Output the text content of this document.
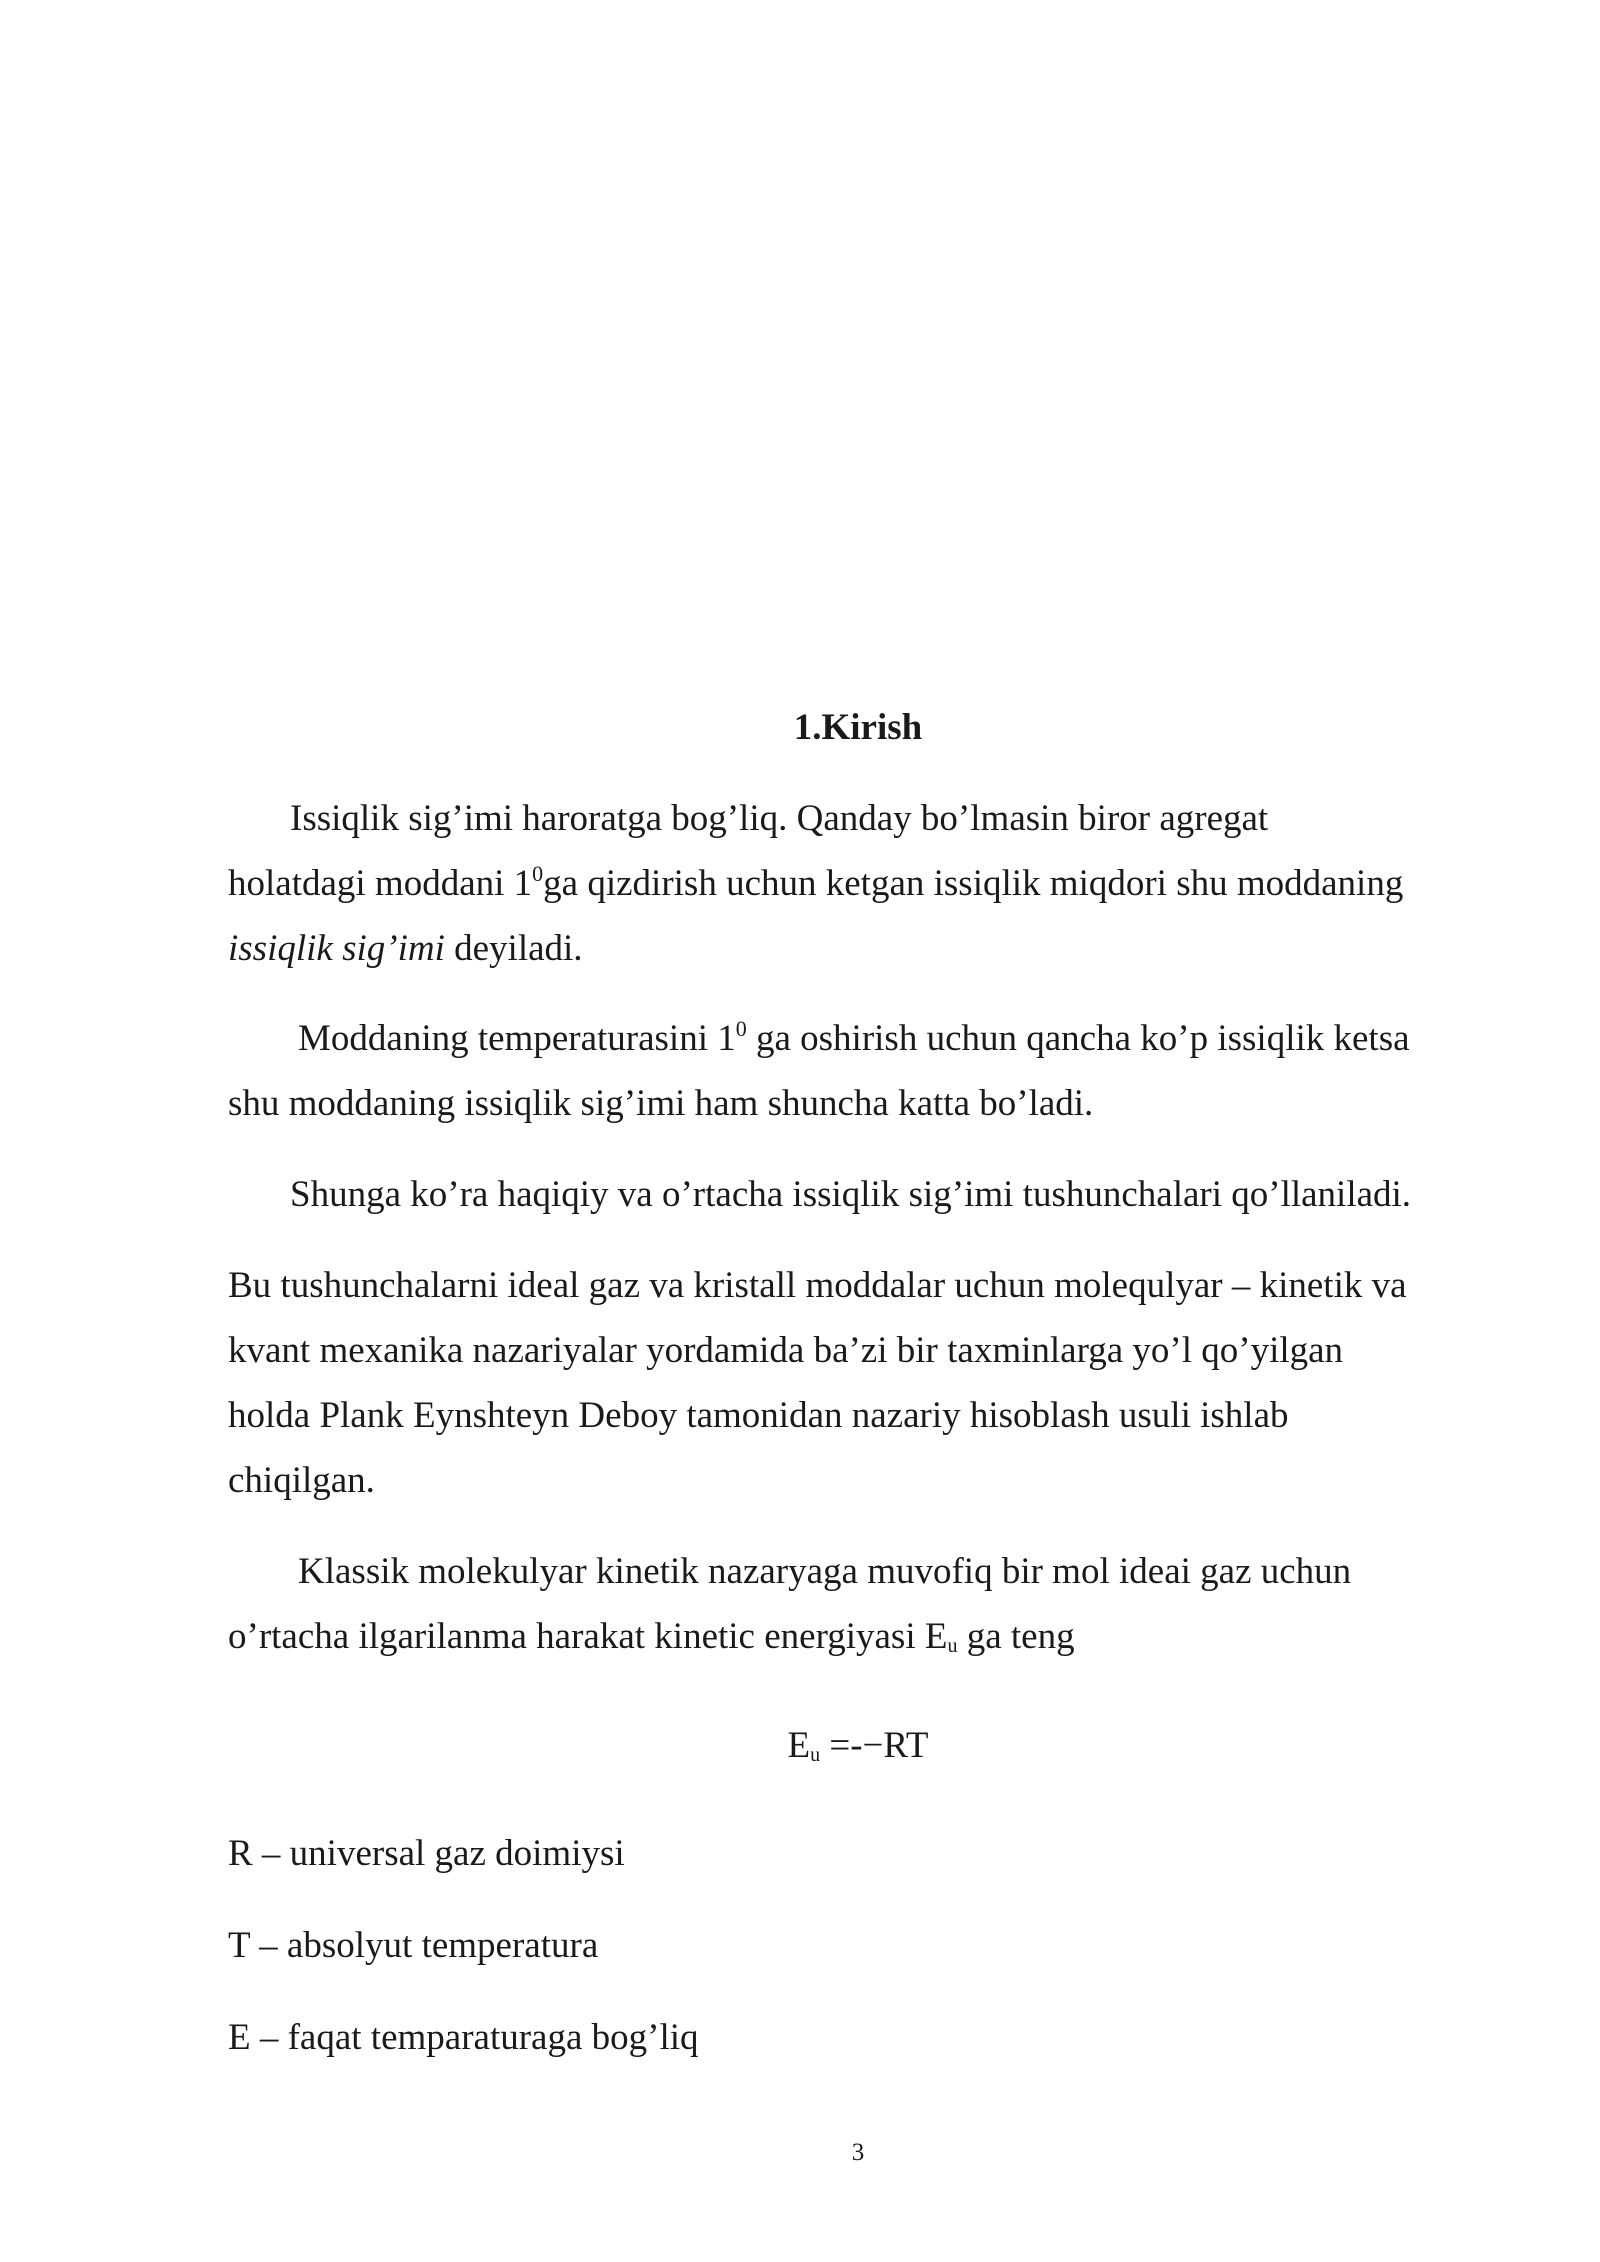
1.Kirish
Issiqlik sig’imi haroratga bog’liq. Qanday bo’lmasin biror agregat
holatdagi moddani $1^0ga$ qizdirish uchun ketgan issiqlik miqdori shu moddaning
issiqlik sig’imi deyiladi.
Moddaning temperaturasini $1^0$ ga oshirish uchun qancha ko’p issiqlik ketsa
shu moddaning issiqlik sig’imi ham shuncha katta bo’ladi.
Shunga ko’ra haqiqiy va o’rtacha issiqlik sig’imi tushunchalari qo’llaniladi.
Bu tushunchalarni ideal gaz va kristall moddalar uchun molequlyar – kinetik va
kvant mexanika nazariyalar yordamida ba’zi bir taxminlarga yo’l qo’yilgan
holda Plank Eynshteyn Deboy tamonidan nazariy hisoblash usuli ishlab
chiqilgan.
Klassik molekulyar kinetik nazaryaga muvofiq bir mol ideai gaz uchun
o’rtacha ilgarilanma harakat kinetic energiyasi $E_u$ ga teng
$E_u =--RT$
R – universal gaz doimiysi
T – absolyut temperatura
E – faqat temparaturaga bog’liq
3
